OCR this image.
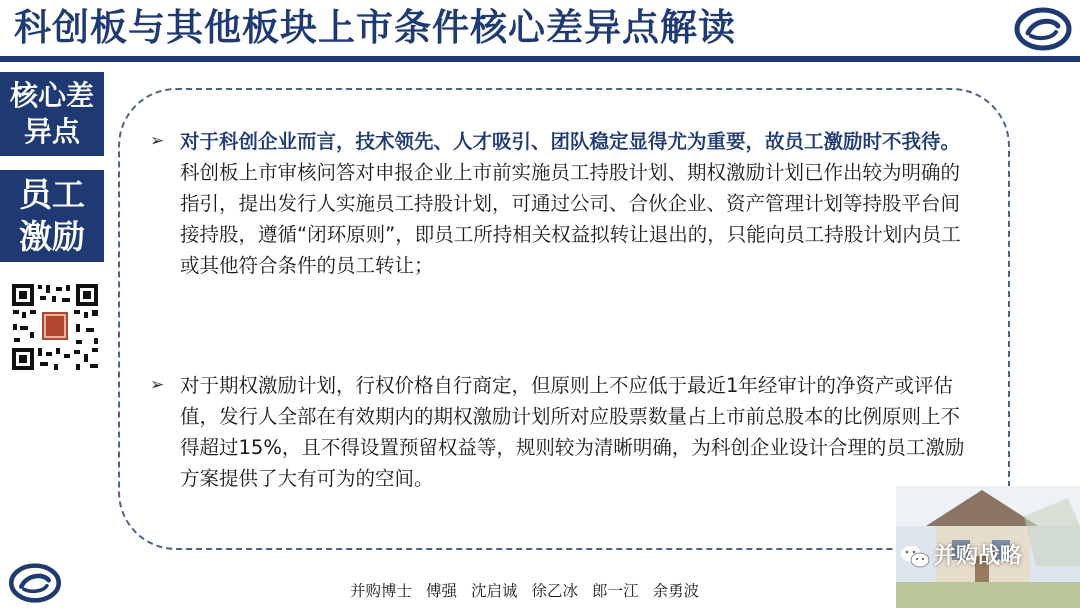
科创板与其他板块上市条件核心差异点解读
核心差异点
员工激励
➢ 对于科创企业而言，技术领先、人才吸引、团队稳定显得尤为重要，故员工激励时不我待。科创板上市审核问答对申报企业上市前实施员工持股计划、期权激励计划已作出较为明确的指引，提出发行人实施员工持股计划，可通过公司、合伙企业、资产管理计划等持股平台间接持股，遵循“闭环原则”，即员工所持相关权益拟转让退出的，只能向员工持股计划内员工或其他符合条件的员工转让；
➢ 对于期权激励计划，行权价格自行商定，但原则上不应低于最近1年经审计的净资产或评估值，发行人全部在有效期内的期权激励计划所对应股票数量占上市前总股本的比例原则上不得超过15%，且不得设置预留权益等，规则较为清晰明确，为科创企业设计合理的员工激励方案提供了大有可为的空间。
并购战略
并购博士 傅强 沈启诚 徐乙冰 郎一江 余勇波
